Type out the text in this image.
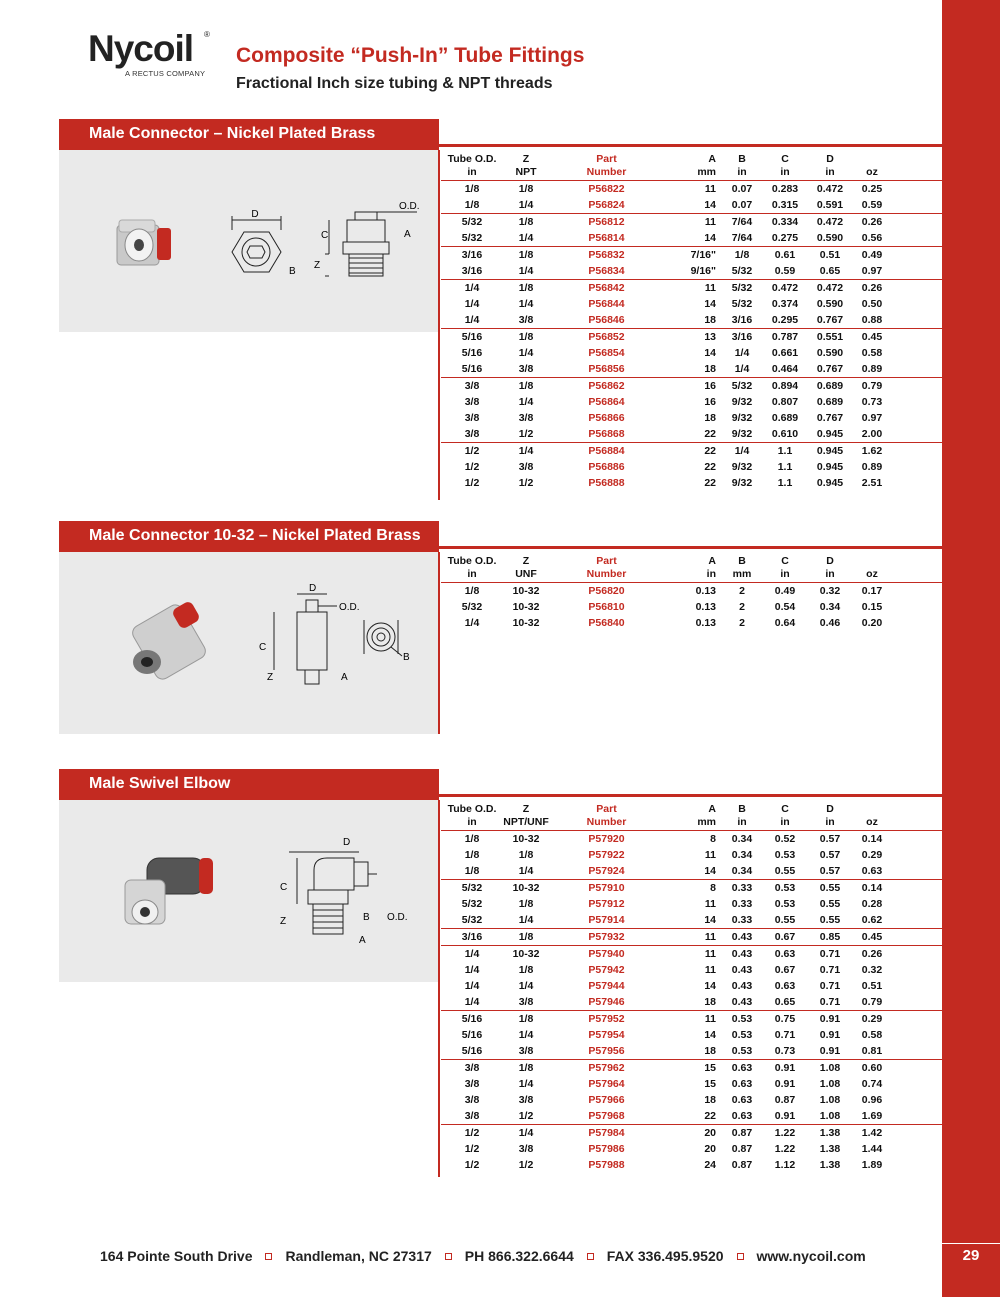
29
Nycoil	®
A RECTUS COMPANY
Composite “Push-In” Tube Fittings
Fractional Inch size tubing & NPT threads
Male Connector – Nickel Plated Brass
D
B
O.D.
C	A
Z
Tube O.D.	Z	Part	A	B	C	D		
in	NPT	Number	mm	in	in	in	oz	
1/8	1/8	P56822	11	0.07	0.283	0.472	0.25	
1/8	1/4	P56824	14	0.07	0.315	0.591	0.59	
5/32	1/8	P56812	11	7/64	0.334	0.472	0.26	
5/32	1/4	P56814	14	7/64	0.275	0.590	0.56	
3/16	1/8	P56832	7/16"	1/8	0.61	0.51	0.49	
3/16	1/4	P56834	9/16"	5/32	0.59	0.65	0.97	
1/4	1/8	P56842	11	5/32	0.472	0.472	0.26	
1/4	1/4	P56844	14	5/32	0.374	0.590	0.50	
1/4	3/8	P56846	18	3/16	0.295	0.767	0.88	
5/16	1/8	P56852	13	3/16	0.787	0.551	0.45	
5/16	1/4	P56854	14	1/4	0.661	0.590	0.58	
5/16	3/8	P56856	18	1/4	0.464	0.767	0.89	
3/8	1/8	P56862	16	5/32	0.894	0.689	0.79	
3/8	1/4	P56864	16	9/32	0.807	0.689	0.73	
3/8	3/8	P56866	18	9/32	0.689	0.767	0.97	
3/8	1/2	P56868	22	9/32	0.610	0.945	2.00	
1/2	1/4	P56884	22	1/4	1.1	0.945	1.62	
1/2	3/8	P56886	22	9/32	1.1	0.945	0.89	
1/2	1/2	P56888	22	9/32	1.1	0.945	2.51	
Male Connector 10-32 – Nickel Plated Brass
D
O.D.
C
Z	A
B
Tube O.D.	Z	Part	A	B	C	D		
in	UNF	Number	in	mm	in	in	oz	
1/8	10-32	P56820	0.13	2	0.49	0.32	0.17	
5/32	10-32	P56810	0.13	2	0.54	0.34	0.15	
1/4	10-32	P56840	0.13	2	0.64	0.46	0.20	
Male Swivel Elbow
D
C
Z	B O.D.
A
Tube O.D.	Z	Part	A	B	C	D		
in	NPT/UNF	Number	mm	in	in	in	oz	
1/8	10-32	P57920	8	0.34	0.52	0.57	0.14	
1/8	1/8	P57922	11	0.34	0.53	0.57	0.29	
1/8	1/4	P57924	14	0.34	0.55	0.57	0.63	
5/32	10-32	P57910	8	0.33	0.53	0.55	0.14	
5/32	1/8	P57912	11	0.33	0.53	0.55	0.28	
5/32	1/4	P57914	14	0.33	0.55	0.55	0.62	
3/16	1/8	P57932	11	0.43	0.67	0.85	0.45	
1/4	10-32	P57940	11	0.43	0.63	0.71	0.26	
1/4	1/8	P57942	11	0.43	0.67	0.71	0.32	
1/4	1/4	P57944	14	0.43	0.63	0.71	0.51	
1/4	3/8	P57946	18	0.43	0.65	0.71	0.79	
5/16	1/8	P57952	11	0.53	0.75	0.91	0.29	
5/16	1/4	P57954	14	0.53	0.71	0.91	0.58	
5/16	3/8	P57956	18	0.53	0.73	0.91	0.81	
3/8	1/8	P57962	15	0.63	0.91	1.08	0.60	
3/8	1/4	P57964	15	0.63	0.91	1.08	0.74	
3/8	3/8	P57966	18	0.63	0.87	1.08	0.96	
3/8	1/2	P57968	22	0.63	0.91	1.08	1.69	
1/2	1/4	P57984	20	0.87	1.22	1.38	1.42	
1/2	3/8	P57986	20	0.87	1.22	1.38	1.44	
1/2	1/2	P57988	24	0.87	1.12	1.38	1.89	
164 Pointe South Drive Randleman, NC 27317 PH 866.322.6644 FAX 336.495.9520 www.nycoil.com
